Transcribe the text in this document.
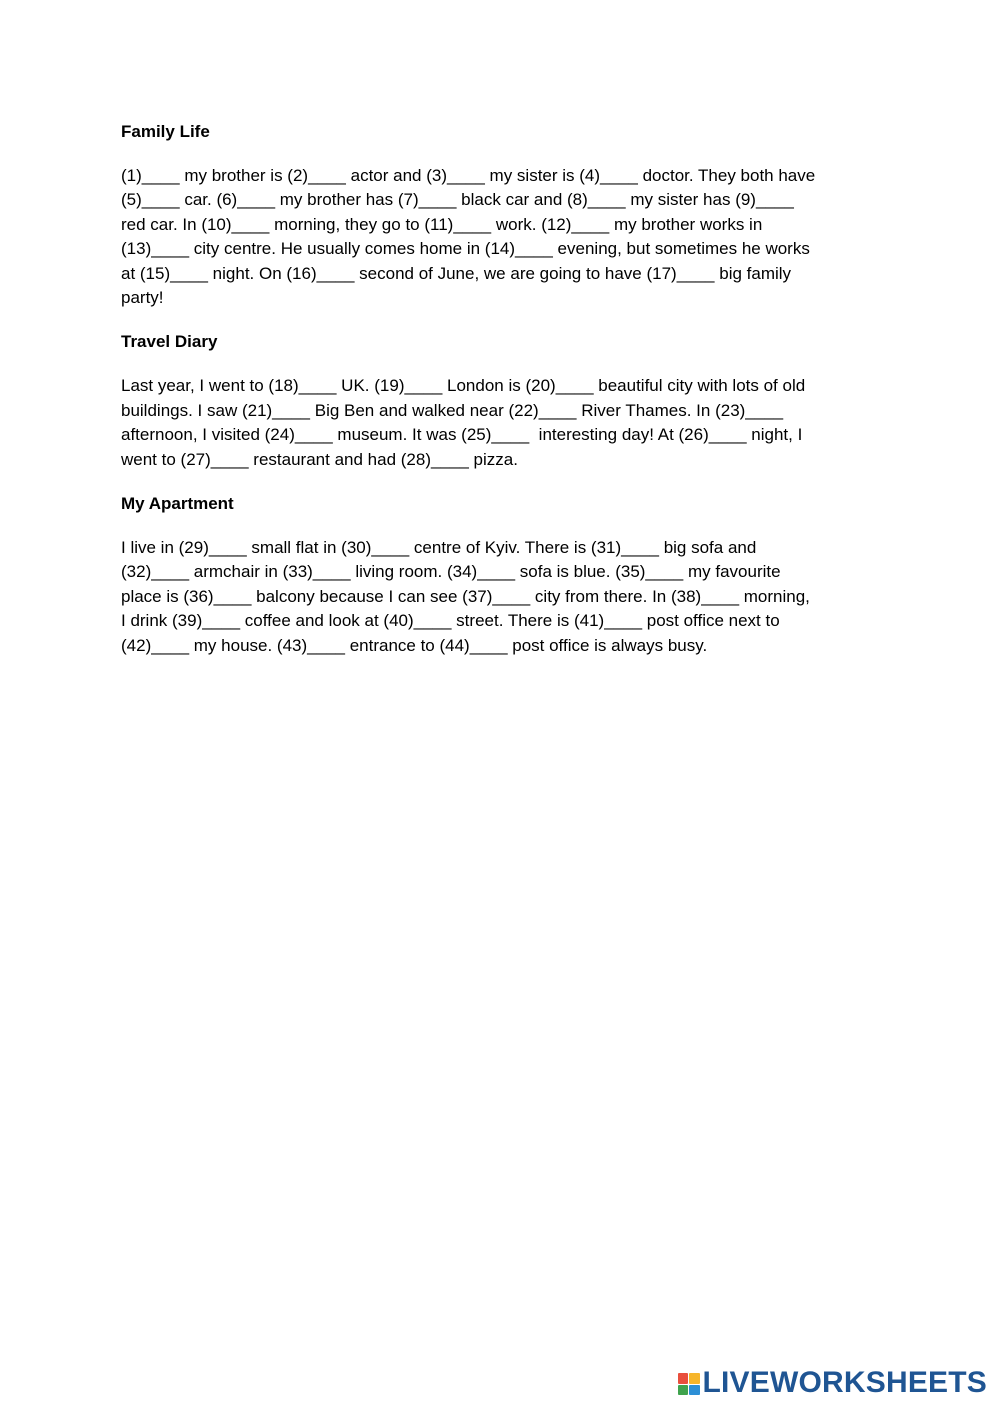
Family Life
(1)____ my brother is (2)____ actor and (3)____ my sister is (4)____ doctor. They both have
(5)____ car. (6)____ my brother has (7)____ black car and (8)____ my sister has (9)____
red car. In (10)____ morning, they go to (11)____ work. (12)____ my brother works in
(13)____ city centre. He usually comes home in (14)____ evening, but sometimes he works
at (15)____ night. On (16)____ second of June, we are going to have (17)____ big family
party!
Travel Diary
Last year, I went to (18)____ UK. (19)____ London is (20)____ beautiful city with lots of old
buildings. I saw (21)____ Big Ben and walked near (22)____ River Thames. In (23)____
afternoon, I visited (24)____ museum. It was (25)____  interesting day! At (26)____ night, I
went to (27)____ restaurant and had (28)____ pizza.
My Apartment
I live in (29)____ small flat in (30)____ centre of Kyiv. There is (31)____ big sofa and
(32)____ armchair in (33)____ living room. (34)____ sofa is blue. (35)____ my favourite
place is (36)____ balcony because I can see (37)____ city from there. In (38)____ morning,
I drink (39)____ coffee and look at (40)____ street. There is (41)____ post office next to
(42)____ my house. (43)____ entrance to (44)____ post office is always busy.
LIVEWORKSHEETS
